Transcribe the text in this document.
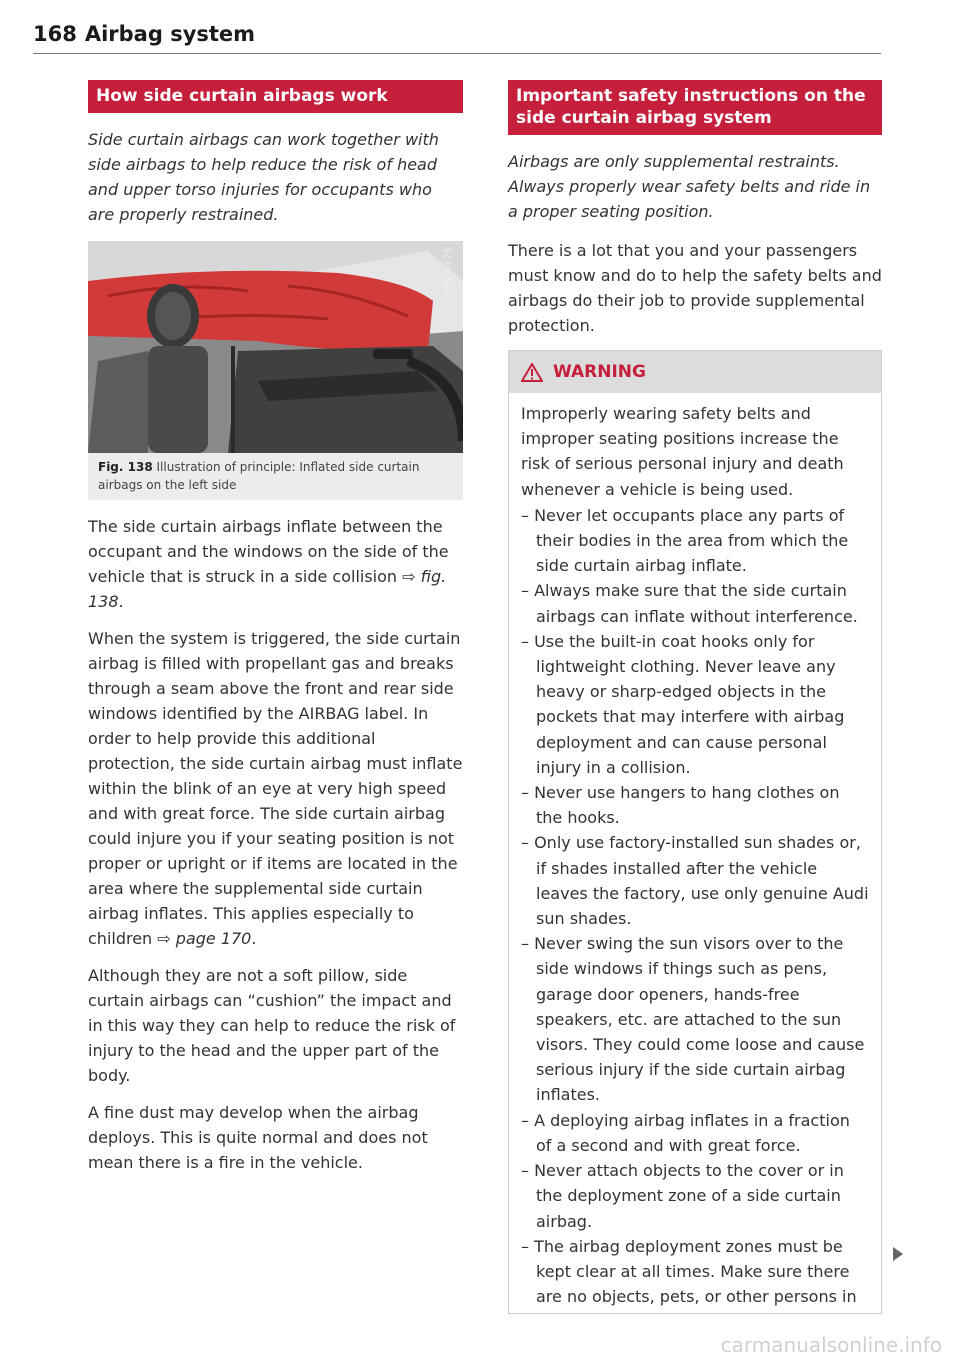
168 Airbag system
How side curtain airbags work

Side curtain airbags can work together with side airbags to help reduce the risk of head and upper torso injuries for occupants who are properly restrained.

B8V-0176
Fig. 138 Illustration of principle: Inflated side curtain airbags on the left side

The side curtain airbags inflate between the occupant and the windows on the side of the vehicle that is struck in a side collision ⇨ fig. 138.

When the system is triggered, the side curtain airbag is filled with propellant gas and breaks through a seam above the front and rear side windows identified by the AIRBAG label. In order to help provide this additional protection, the side curtain airbag must inflate within the blink of an eye at very high speed and with great force. The side curtain airbag could injure you if your seating position is not proper or upright or if items are located in the area where the supplemental side curtain airbag inflates. This applies especially to children ⇨ page 170.

Although they are not a soft pillow, side curtain airbags can “cushion” the impact and in this way they can help to reduce the risk of injury to the head and the upper part of the body.

A fine dust may develop when the airbag deploys. This is quite normal and does not mean there is a fire in the vehicle.

Important safety instructions on the side curtain airbag system

Airbags are only supplemental restraints. Always properly wear safety belts and ride in a proper seating position.

There is a lot that you and your passengers must know and do to help the safety belts and airbags do their job to provide supplemental protection.

WARNING

Improperly wearing safety belts and improper seating positions increase the risk of serious personal injury and death whenever a vehicle is being used.

– Never let occupants place any parts of their bodies in the area from which the side curtain airbag inflate.
– Always make sure that the side curtain airbags can inflate without interference.
– Use the built-in coat hooks only for lightweight clothing. Never leave any heavy or sharp-edged objects in the pockets that may interfere with airbag deployment and can cause personal injury in a collision.
– Never use hangers to hang clothes on the hooks.
– Only use factory-installed sun shades or, if shades installed after the vehicle leaves the factory, use only genuine Audi sun shades.
– Never swing the sun visors over to the side windows if things such as pens, garage door openers, hands-free speakers, etc. are attached to the sun visors. They could come loose and cause serious injury if the side curtain airbag inflates.
– A deploying airbag inflates in a fraction of a second and with great force.
– Never attach objects to the cover or in the deployment zone of a side curtain airbag.
– The airbag deployment zones must be kept clear at all times. Make sure there are no objects, pets, or other persons in
carmanualsonline.info
